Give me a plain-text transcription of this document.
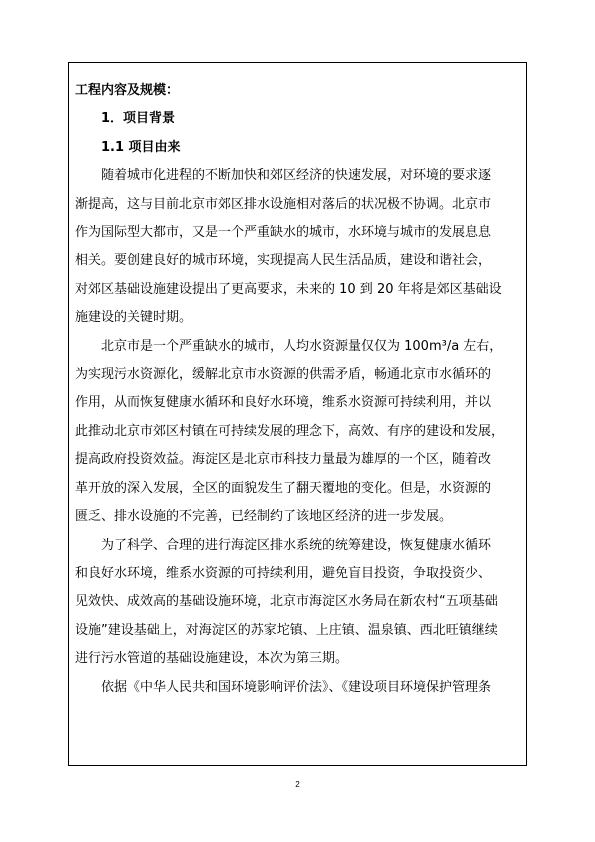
工程内容及规模：
1．项目背景
1.1 项目由来
随着城市化进程的不断加快和郊区经济的快速发展，对环境的要求逐
渐提高，这与目前北京市郊区排水设施相对落后的状况极不协调。北京市
作为国际型大都市，又是一个严重缺水的城市，水环境与城市的发展息息
相关。要创建良好的城市环境，实现提高人民生活品质，建设和谐社会，
对郊区基础设施建设提出了更高要求，未来的 10 到 20 年将是郊区基础设
施建设的关键时期。
北京市是一个严重缺水的城市，人均水资源量仅仅为 100m³/a 左右，
为实现污水资源化，缓解北京市水资源的供需矛盾，畅通北京市水循环的
作用，从而恢复健康水循环和良好水环境，维系水资源可持续利用，并以
此推动北京市郊区村镇在可持续发展的理念下，高效、有序的建设和发展，
提高政府投资效益。海淀区是北京市科技力量最为雄厚的一个区，随着改
革开放的深入发展，全区的面貌发生了翻天覆地的变化。但是，水资源的
匮乏、排水设施的不完善，已经制约了该地区经济的进一步发展。
为了科学、合理的进行海淀区排水系统的统筹建设，恢复健康水循环
和良好水环境，维系水资源的可持续利用，避免盲目投资，争取投资少、
见效快、成效高的基础设施环境，北京市海淀区水务局在新农村“五项基础
设施”建设基础上，对海淀区的苏家坨镇、上庄镇、温泉镇、西北旺镇继续
进行污水管道的基础设施建设，本次为第三期。
依据《中华人民共和国环境影响评价法》、《建设项目环境保护管理条
2
